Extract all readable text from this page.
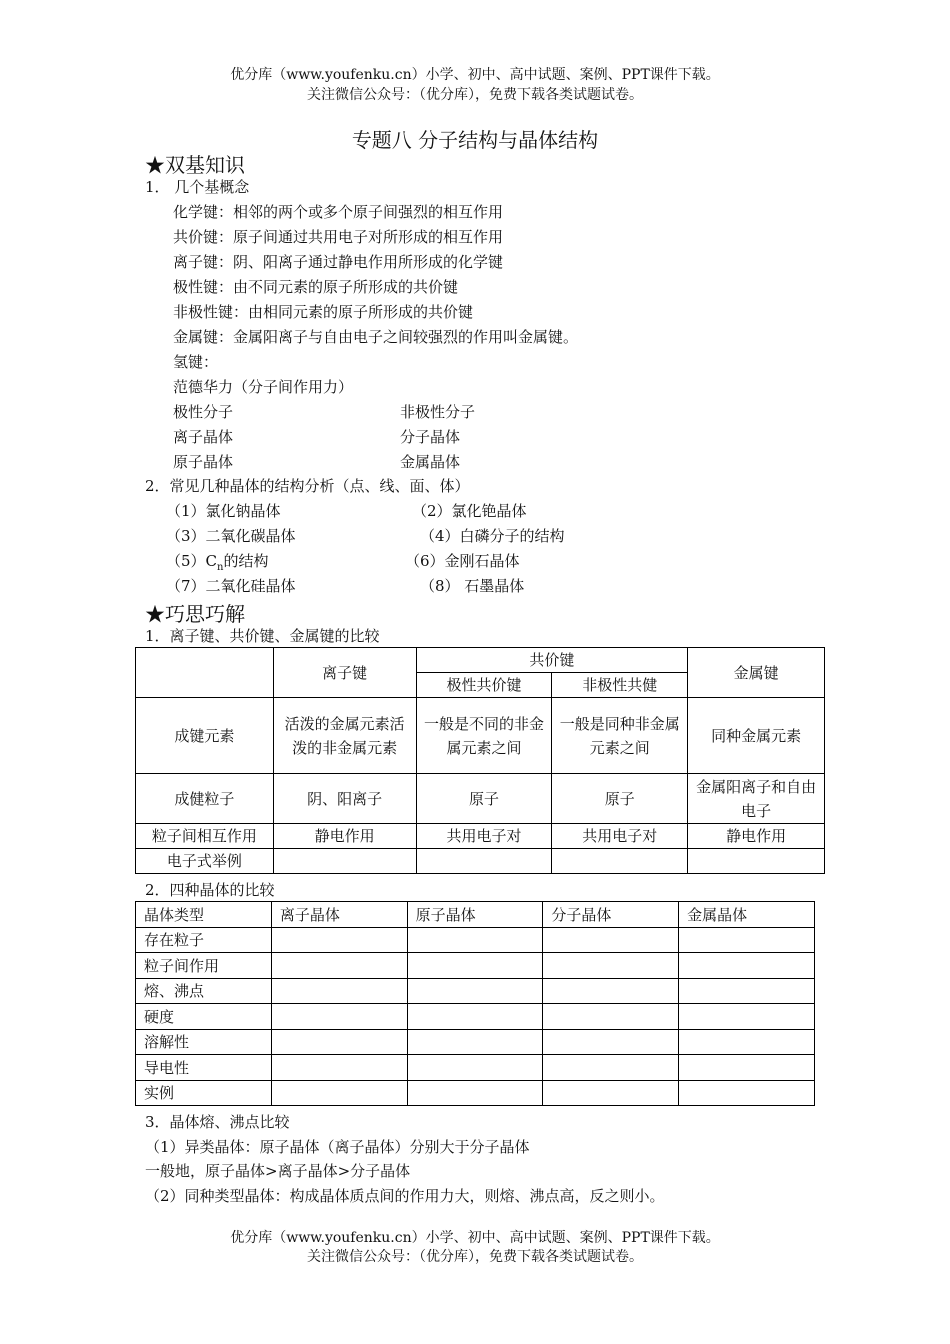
优分库（www.youfenku.cn）小学、初中、高中试题、案例、PPT课件下载。
关注微信公众号：（优分库），免费下载各类试题试卷。
专题八 分子结构与晶体结构
★双基知识
1． 几个基概念
化学键：相邻的两个或多个原子间强烈的相互作用
共价键：原子间通过共用电子对所形成的相互作用
离子键：阴、阳离子通过静电作用所形成的化学键
极性键：由不同元素的原子所形成的共价键
非极性键：由相同元素的原子所形成的共价键
金属键：金属阳离子与自由电子之间较强烈的作用叫金属键。
氢键：
范德华力（分子间作用力）
极性分子	非极性分子
离子晶体	分子晶体
原子晶体	金属晶体
2．常见几种晶体的结构分析（点、线、面、体）
（1）氯化钠晶体	（2）氯化铯晶体
（3）二氧化碳晶体	（4）白磷分子的结构
$(5)C_n$的结构	（6）金刚石晶体
（7）二氧化硅晶体	（8） 石墨晶体
★巧思巧解
1．离子键、共价键、金属键的比较
	离子键	共价键		金属键
		极性共价键	非极性共健	
成键元素	活泼的金属元素活泼的非金属元素	一般是不同的非金属元素之间	一般是同种非金属元素之间	同种金属元素
成健粒子	阴、阳离子	原子	原子	金属阳离子和自由电子
粒子间相互作用	静电作用	共用电子对	共用电子对	静电作用
电子式举例				
2．四种晶体的比较
晶体类型	离子晶体	原子晶体	分子晶体	金属晶体
存在粒子				
粒子间作用				
熔、沸点				
硬度				
溶解性				
导电性				
实例				
3．晶体熔、沸点比较
（1）异类晶体：原子晶体（离子晶体）分别大于分子晶体
一般地，原子晶体>离子晶体>分子晶体
（2）同种类型晶体：构成晶体质点间的作用力大，则熔、沸点高，反之则小。
优分库（www.youfenku.cn）小学、初中、高中试题、案例、PPT课件下载。
关注微信公众号：（优分库），免费下载各类试题试卷。
